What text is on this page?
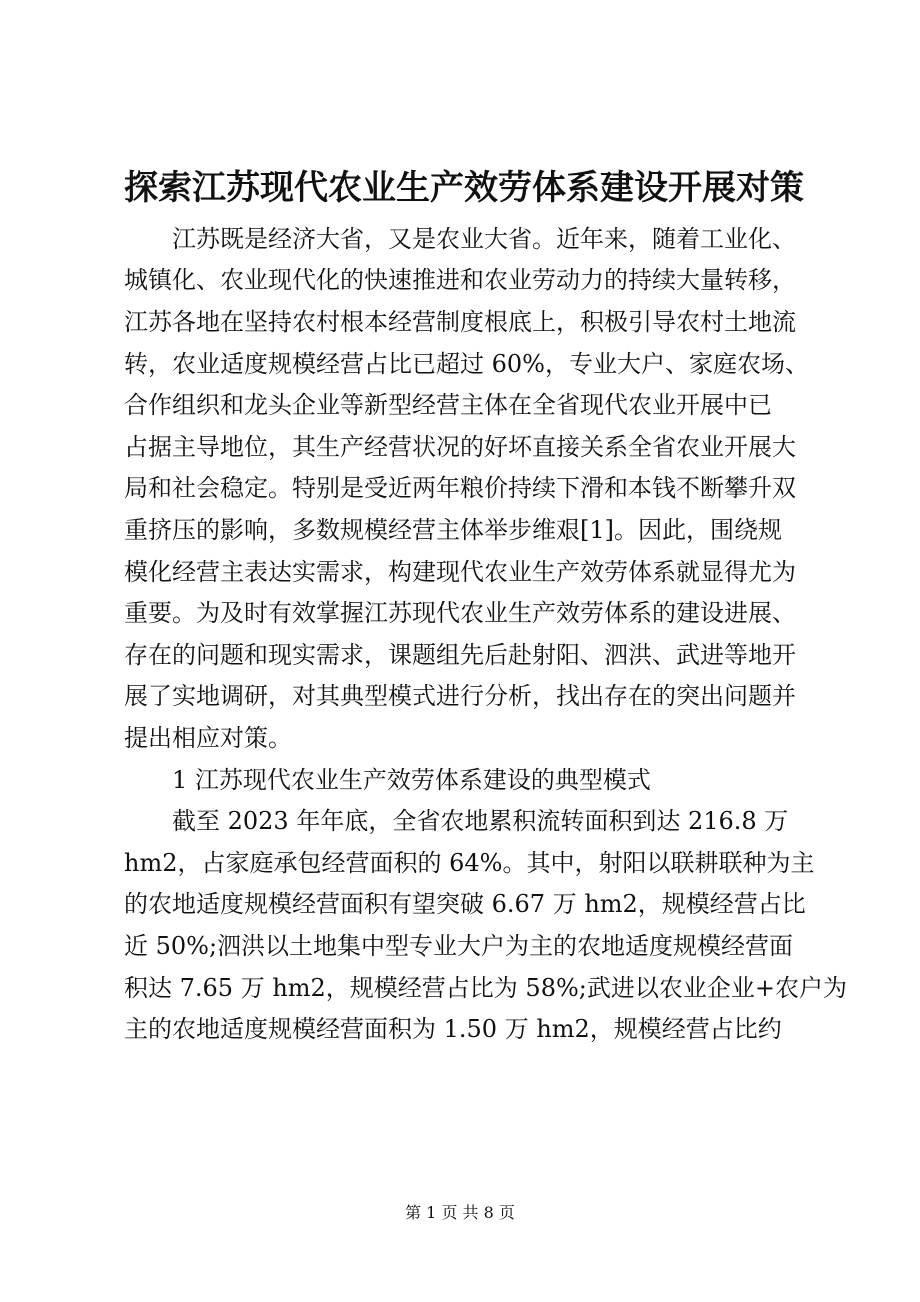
探索江苏现代农业生产效劳体系建设开展对策

　　江苏既是经济大省，又是农业大省。近年来，随着工业化、

城镇化、农业现代化的快速推进和农业劳动力的持续大量转移，

江苏各地在坚持农村根本经营制度根底上，积极引导农村土地流

转，农业适度规模经营占比已超过 60%，专业大户、家庭农场、

合作组织和龙头企业等新型经营主体在全省现代农业开展中已

占据主导地位，其生产经营状况的好坏直接关系全省农业开展大

局和社会稳定。特别是受近两年粮价持续下滑和本钱不断攀升双

重挤压的影响，多数规模经营主体举步维艰[1]。因此，围绕规

模化经营主表达实需求，构建现代农业生产效劳体系就显得尤为

重要。为及时有效掌握江苏现代农业生产效劳体系的建设进展、

存在的问题和现实需求，课题组先后赴射阳、泗洪、武进等地开

展了实地调研，对其典型模式进行分析，找出存在的突出问题并

提出相应对策。

　　1 江苏现代农业生产效劳体系建设的典型模式

　　截至 2023 年年底，全省农地累积流转面积到达 216.8 万

hm2，占家庭承包经营面积的 64%。其中，射阳以联耕联种为主

的农地适度规模经营面积有望突破 6.67 万 hm2，规模经营占比

近 50%;泗洪以土地集中型专业大户为主的农地适度规模经营面

积达 7.65 万 hm2，规模经营占比为 58%;武进以农业企业+农户为

主的农地适度规模经营面积为 1.50 万 hm2，规模经营占比约

第 1 页 共 8 页
